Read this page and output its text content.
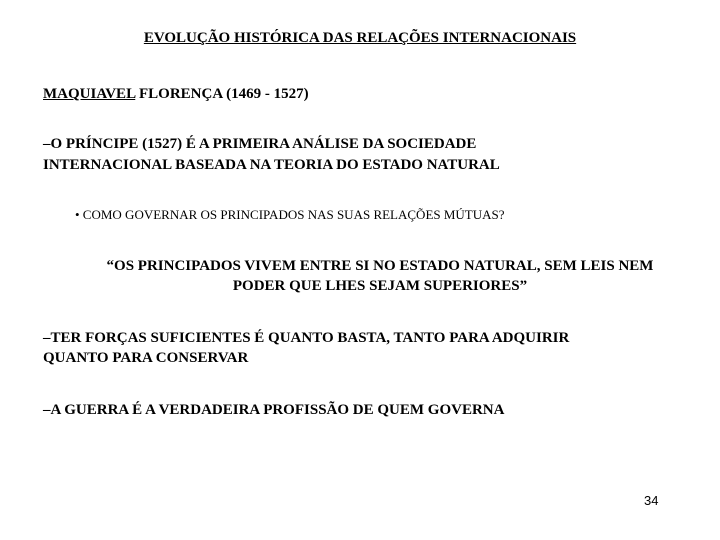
EVOLUÇÃO HISTÓRICA DAS RELAÇÕES INTERNACIONAIS
MAQUIAVEL FLORENÇA (1469 - 1527)
–O PRÍNCIPE (1527) É A PRIMEIRA ANÁLISE DA SOCIEDADE
INTERNACIONAL BASEADA NA TEORIA DO ESTADO NATURAL
• COMO GOVERNAR OS PRINCIPADOS NAS SUAS RELAÇÕES MÚTUAS?
“OS PRINCIPADOS VIVEM ENTRE SI NO ESTADO NATURAL, SEM LEIS NEM
PODER QUE LHES SEJAM SUPERIORES”
–TER FORÇAS SUFICIENTES É QUANTO BASTA, TANTO PARA ADQUIRIR
QUANTO PARA CONSERVAR
–A GUERRA É A VERDADEIRA PROFISSÃO DE QUEM GOVERNA
34
